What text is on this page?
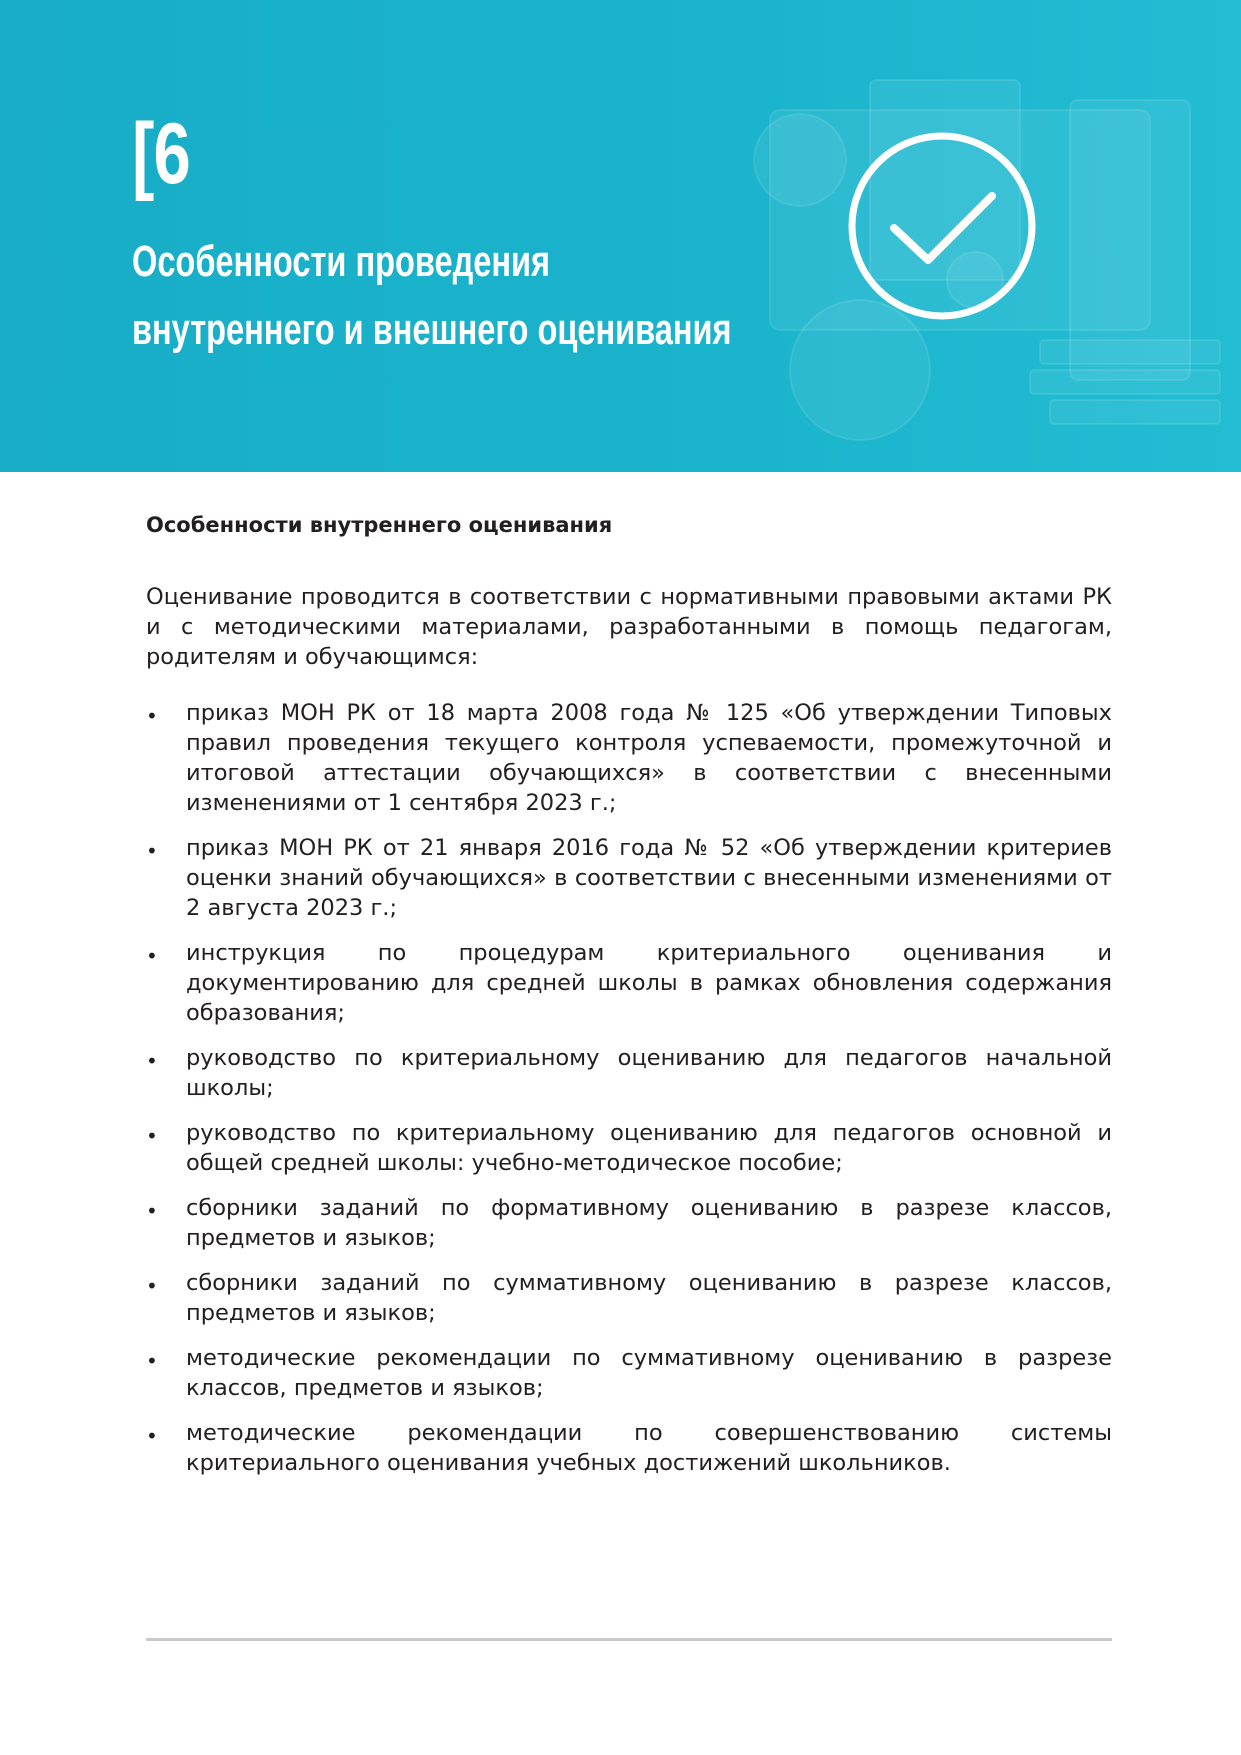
[6
Особенности проведения
внутреннего и внешнего оценивания
Особенности внутреннего оценивания

Оценивание проводится в соответствии с нормативными правовыми актами РК и с методическими материалами, разработанными в помощь педагогам, родителям и обучающимся:

• приказ МОН РК от 18 марта 2008 года № 125 «Об утверждении Типовых правил проведения текущего контроля успеваемости, промежуточной и итоговой аттестации обучающихся» в соответствии с внесенными изменениями от 1 сентября 2023 г.;
• приказ МОН РК от 21 января 2016 года № 52 «Об утверждении критериев оценки знаний обучающихся» в соответствии с внесенными изменениями от 2 августа 2023 г.;
• инструкция по процедурам критериального оценивания и документированию для средней школы в рамках обновления содержания образования;
• руководство по критериальному оцениванию для педагогов начальной школы;
• руководство по критериальному оцениванию для педагогов основной и общей средней школы: учебно-методическое пособие;
• сборники заданий по формативному оцениванию в разрезе классов, предметов и языков;
• сборники заданий по суммативному оцениванию в разрезе классов, предметов и языков;
• методические рекомендации по суммативному оцениванию в разрезе классов, предметов и языков;
• методические рекомендации по совершенствованию системы критериального оценивания учебных достижений школьников.
